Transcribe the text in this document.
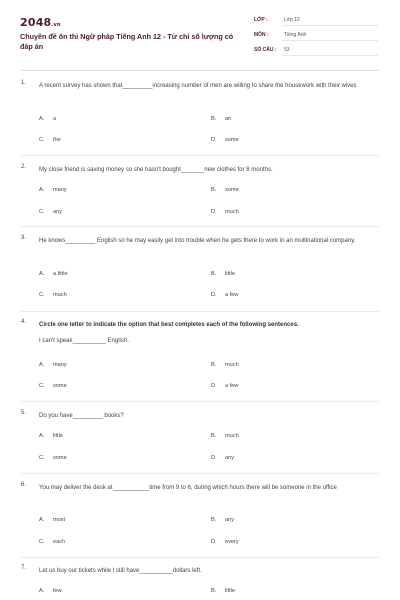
2048.vn
Chuyên đề ôn thi Ngữ pháp Tiếng Anh 12 - Từ chỉ số lượng có đáp án
LỚP :	Lớp 12
MÔN :	Tiếng Anh
SỐ CÂU : 53
1. A recent survey has shown that_________increasing number of men are willing to share the housework with their wives
A. a	B. an
C. the	D. some
2. My close friend is saving money so she hasn't bought_______new clothes for 8 months.
A. many	B. some
C. any	D. much
3. He knows_________ English so he may easily get into trouble when he gets there to work in an multinational company.
A. a little	B. little
C. much	D. a few
4. Circle one letter to indicate the option that best completes each of the following sentences.
I can't speak__________ English.
A. many	B. much
C. some	D. a few
5. Do you have_________ books?
A. little	B. much
C. some	D. any
6. You may deliver the desk at___________time from 9 to 6, during which hours there will be someone in the office
A. most	B. any
C. each	D. every
7. Let us buy our tickets while I still have__________dollars left.
A. few	B. little
